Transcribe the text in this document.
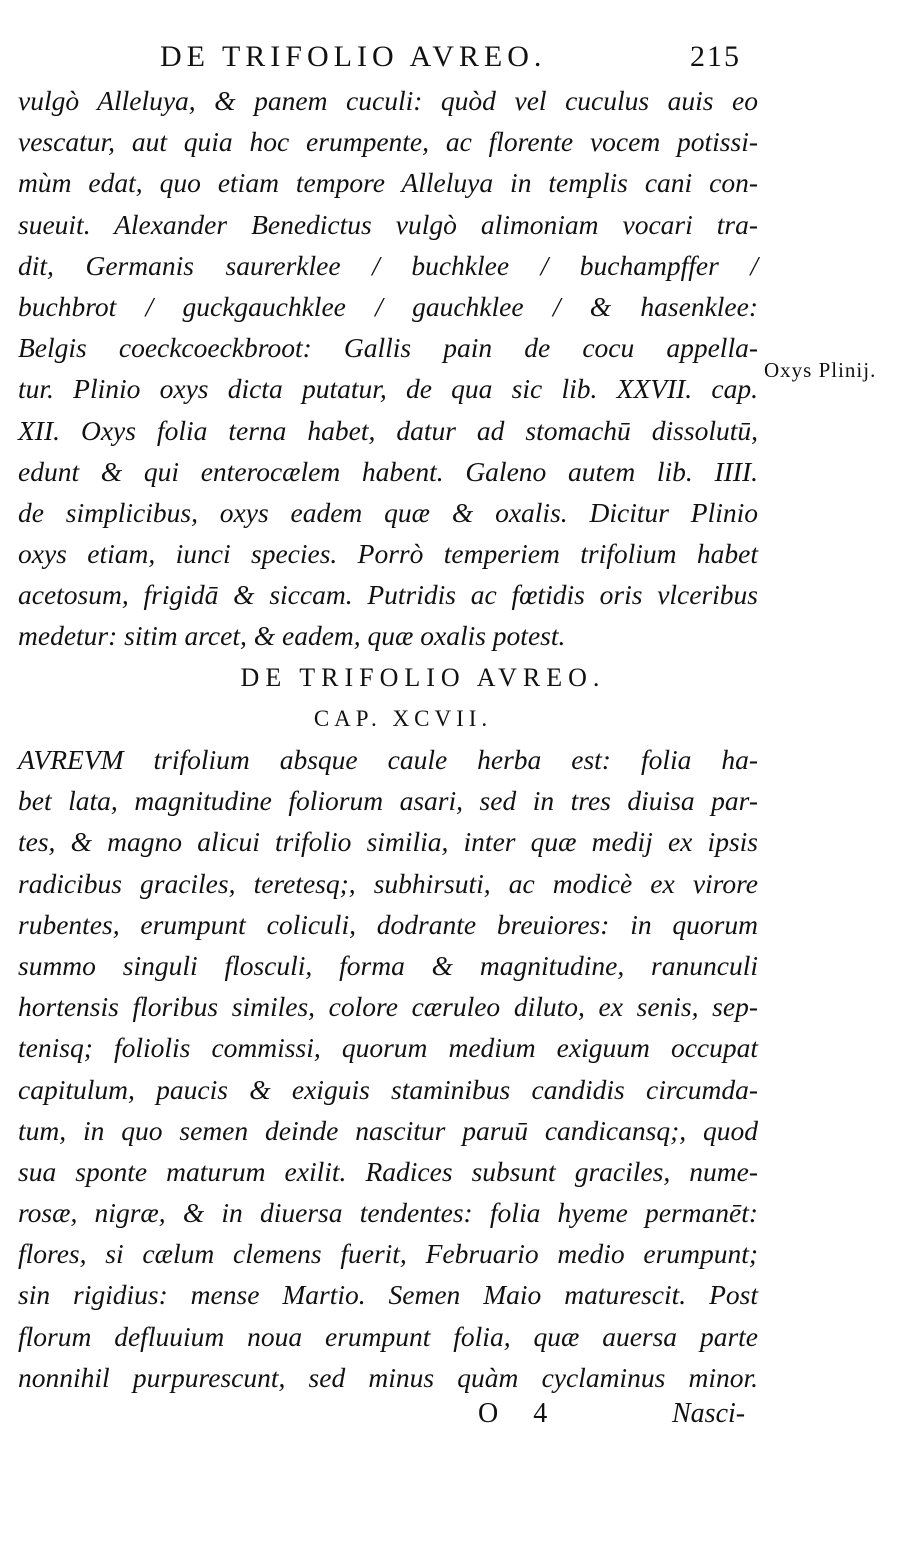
DE TRIFOLIO AVREO.	215
vulgò Alleluya, & panem cuculi: quòd vel cuculus auis eo
vescatur, aut quia hoc erumpente, ac florente vocem potissi-
mùm edat, quo etiam tempore Alleluya in templis cani con-
sueuit. Alexander Benedictus vulgò alimoniam vocari tra-
dit, Germanis saurerklee / buchklee / buchampffer /
buchbrot / guckgauchklee / gauchklee / & hasenklee:
Belgis coeckcoeckbroot: Gallis pain de cocu appella-
tur. Plinio oxys dicta putatur, de qua sic lib. XXVII. cap.
XII. Oxys folia terna habet, datur ad stomachū dissolutū,
edunt & qui enterocælem habent. Galeno autem lib. IIII.
de simplicibus, oxys eadem quæ & oxalis. Dicitur Plinio
oxys etiam, iunci species. Porrò temperiem trifolium habet
acetosum, frigidā & siccam. Putridis ac fœtidis oris vlceribus
medetur: sitim arcet, & eadem, quæ oxalis potest.
DE TRIFOLIO AVREO.
CAP. XCVII.
AVREVM trifolium absque caule herba est: folia ha-
bet lata, magnitudine foliorum asari, sed in tres diuisa par-
tes, & magno alicui trifolio similia, inter quæ medij ex ipsis
radicibus graciles, teretesq;, subhirsuti, ac modicè ex virore
rubentes, erumpunt coliculi, dodrante breuiores: in quorum
summo singuli flosculi, forma & magnitudine, ranunculi
hortensis floribus similes, colore cæruleo diluto, ex senis, sep-
tenisq; foliolis commissi, quorum medium exiguum occupat
capitulum, paucis & exiguis staminibus candidis circumda-
tum, in quo semen deinde nascitur paruū candicansq;, quod
sua sponte maturum exilit. Radices subsunt graciles, nume-
rosæ, nigræ, & in diuersa tendentes: folia hyeme permanēt:
flores, si cælum clemens fuerit, Februario medio erumpunt;
sin rigidius: mense Martio. Semen Maio maturescit. Post
florum defluuium noua erumpunt folia, quæ auersa parte
nonnihil purpurescunt, sed minus quàm cyclaminus minor.
Oxys Plinij.
O 4	Nasci-
